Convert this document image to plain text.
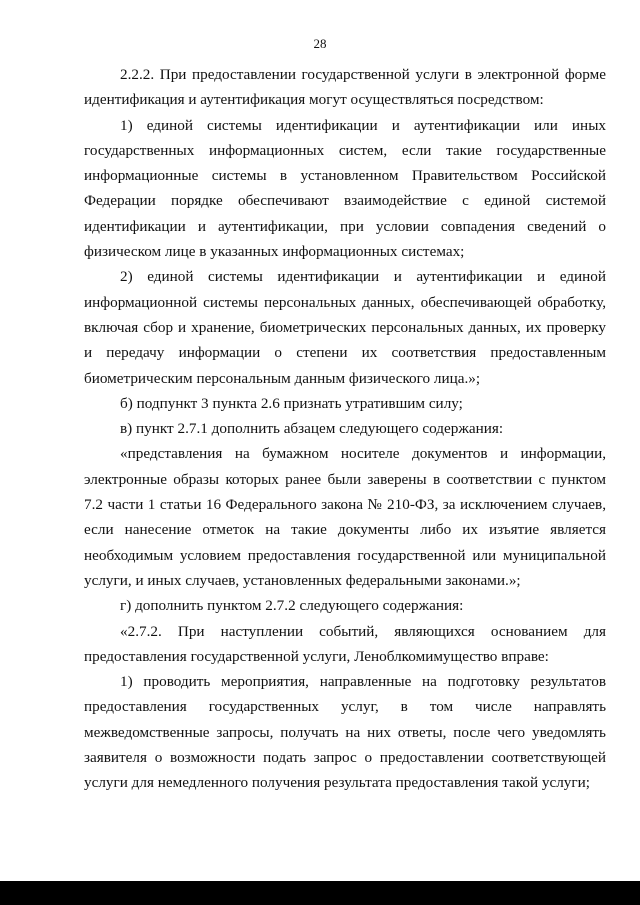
28

2.2.2. При предоставлении государственной услуги в электронной форме идентификация и аутентификация могут осуществляться посредством:

1) единой системы идентификации и аутентификации или иных государственных информационных систем, если такие государственные информационные системы в установленном Правительством Российской Федерации порядке обеспечивают взаимодействие с единой системой идентификации и аутентификации, при условии совпадения сведений о физическом лице в указанных информационных системах;

2) единой системы идентификации и аутентификации и единой информационной системы персональных данных, обеспечивающей обработку, включая сбор и хранение, биометрических персональных данных, их проверку и передачу информации о степени их соответствия предоставленным биометрическим персональным данным физического лица.»;

б) подпункт 3 пункта 2.6 признать утратившим силу;

в) пункт 2.7.1 дополнить абзацем следующего содержания:

«представления на бумажном носителе документов и информации, электронные образы которых ранее были заверены в соответствии с пунктом 7.2 части 1 статьи 16 Федерального закона № 210-ФЗ, за исключением случаев, если нанесение отметок на такие документы либо их изъятие является необходимым условием предоставления государственной или муниципальной услуги, и иных случаев, установленных федеральными законами.»;

г) дополнить пунктом 2.7.2 следующего содержания:

«2.7.2. При наступлении событий, являющихся основанием для предоставления государственной услуги, Леноблкомимущество вправе:

1) проводить мероприятия, направленные на подготовку результатов предоставления государственных услуг, в том числе направлять межведомственные запросы, получать на них ответы, после чего уведомлять заявителя о возможности подать запрос о предоставлении соответствующей услуги для немедленного получения результата предоставления такой услуги;
